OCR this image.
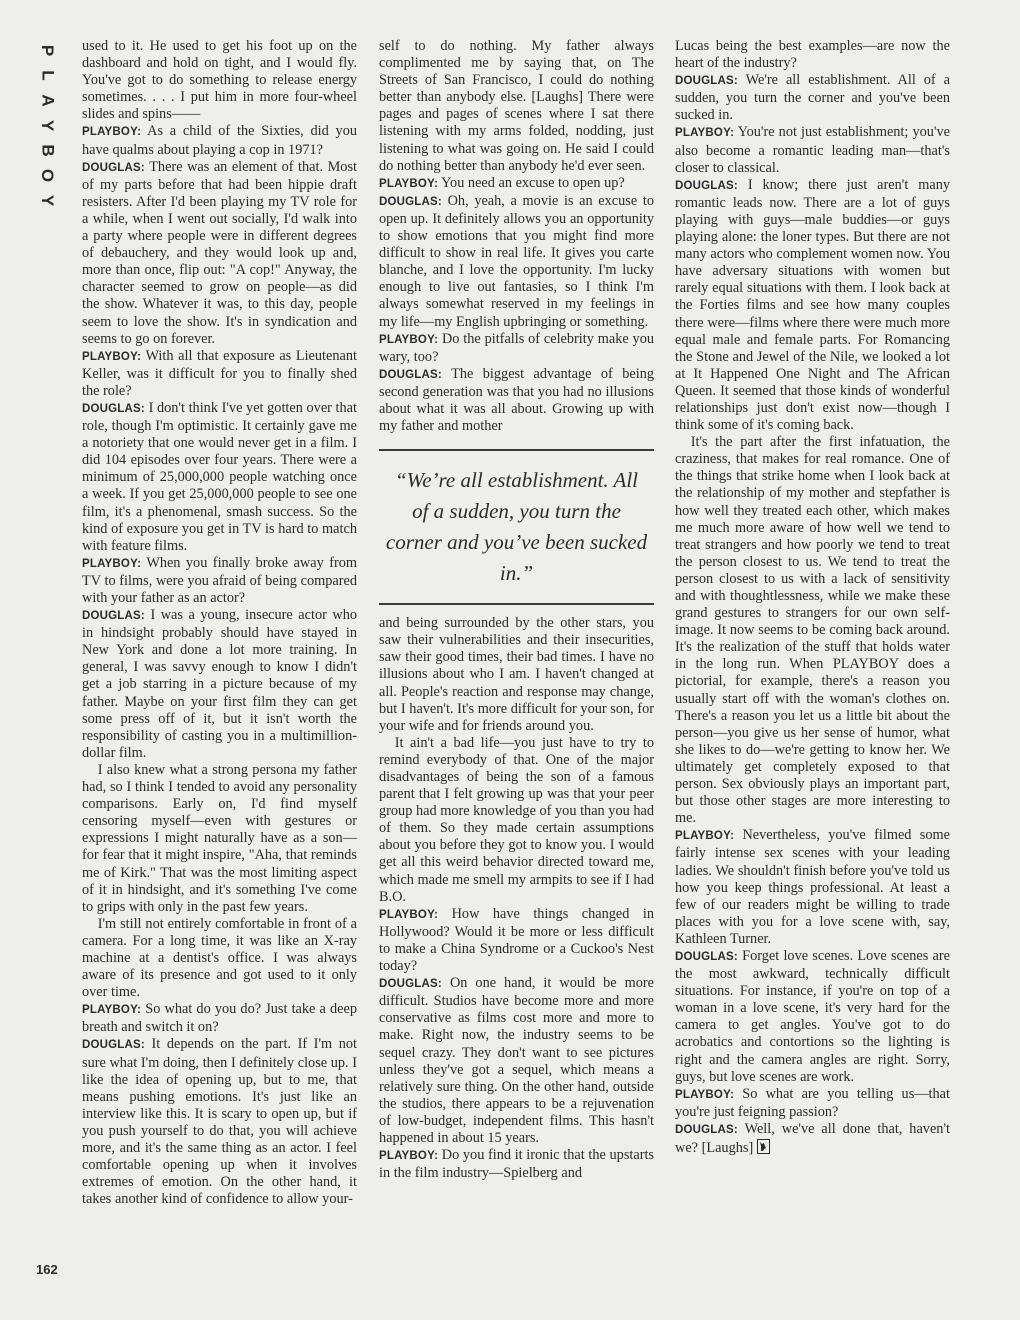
P
L
A
Y
B
O
Y

used to it. He used to get his foot up on the dashboard and hold on tight, and I would fly. You've got to do something to release energy sometimes. . . . I put him in more four-wheel slides and spins——

PLAYBOY: As a child of the Sixties, did you have qualms about playing a cop in 1971?

DOUGLAS: There was an element of that. Most of my parts before that had been hippie draft resisters. After I'd been playing my TV role for a while, when I went out socially, I'd walk into a party where people were in different degrees of debauchery, and they would look up and, more than once, flip out: "A cop!" Anyway, the character seemed to grow on people—as did the show. Whatever it was, to this day, people seem to love the show. It's in syndication and seems to go on forever.

PLAYBOY: With all that exposure as Lieutenant Keller, was it difficult for you to finally shed the role?

DOUGLAS: I don't think I've yet gotten over that role, though I'm optimistic. It certainly gave me a notoriety that one would never get in a film. I did 104 episodes over four years. There were a minimum of 25,000,000 people watching once a week. If you get 25,000,000 people to see one film, it's a phenomenal, smash success. So the kind of exposure you get in TV is hard to match with feature films.

PLAYBOY: When you finally broke away from TV to films, were you afraid of being compared with your father as an actor?

DOUGLAS: I was a young, insecure actor who in hindsight probably should have stayed in New York and done a lot more training. In general, I was savvy enough to know I didn't get a job starring in a picture because of my father. Maybe on your first film they can get some press off of it, but it isn't worth the responsibility of casting you in a multimillion-dollar film.

I also knew what a strong persona my father had, so I think I tended to avoid any personality comparisons. Early on, I'd find myself censoring myself—even with gestures or expressions I might naturally have as a son—for fear that it might inspire, "Aha, that reminds me of Kirk." That was the most limiting aspect of it in hindsight, and it's something I've come to grips with only in the past few years.

I'm still not entirely comfortable in front of a camera. For a long time, it was like an X-ray machine at a dentist's office. I was always aware of its presence and got used to it only over time.

PLAYBOY: So what do you do? Just take a deep breath and switch it on?

DOUGLAS: It depends on the part. If I'm not sure what I'm doing, then I definitely close up. I like the idea of opening up, but to me, that means pushing emotions. It's just like an interview like this. It is scary to open up, but if you push yourself to do that, you will achieve more, and it's the same thing as an actor. I feel comfortable opening up when it involves extremes of emotion. On the other hand, it takes another kind of confidence to allow your-

self to do nothing. My father always complimented me by saying that, on The Streets of San Francisco, I could do nothing better than anybody else. [Laughs] There were pages and pages of scenes where I sat there listening with my arms folded, nodding, just listening to what was going on. He said I could do nothing better than anybody he'd ever seen.

PLAYBOY: You need an excuse to open up?

DOUGLAS: Oh, yeah, a movie is an excuse to open up. It definitely allows you an opportunity to show emotions that you might find more difficult to show in real life. It gives you carte blanche, and I love the opportunity. I'm lucky enough to live out fantasies, so I think I'm always somewhat reserved in my feelings in my life—my English upbringing or something.

PLAYBOY: Do the pitfalls of celebrity make you wary, too?

DOUGLAS: The biggest advantage of being second generation was that you had no illusions about what it was all about. Growing up with my father and mother

“We’re all establishment. All of a sudden, you turn the corner and you’ve been sucked in.”

and being surrounded by the other stars, you saw their vulnerabilities and their insecurities, saw their good times, their bad times. I have no illusions about who I am. I haven't changed at all. People's reaction and response may change, but I haven't. It's more difficult for your son, for your wife and for friends around you.

It ain't a bad life—you just have to try to remind everybody of that. One of the major disadvantages of being the son of a famous parent that I felt growing up was that your peer group had more knowledge of you than you had of them. So they made certain assumptions about you before they got to know you. I would get all this weird behavior directed toward me, which made me smell my armpits to see if I had B.O.

PLAYBOY: How have things changed in Hollywood? Would it be more or less difficult to make a China Syndrome or a Cuckoo's Nest today?

DOUGLAS: On one hand, it would be more difficult. Studios have become more and more conservative as films cost more and more to make. Right now, the industry seems to be sequel crazy. They don't want to see pictures unless they've got a sequel, which means a relatively sure thing. On the other hand, outside the studios, there appears to be a rejuvenation of low-budget, independent films. This hasn't happened in about 15 years.

PLAYBOY: Do you find it ironic that the upstarts in the film industry—Spielberg and

Lucas being the best examples—are now the heart of the industry?

DOUGLAS: We're all establishment. All of a sudden, you turn the corner and you've been sucked in.

PLAYBOY: You're not just establishment; you've also become a romantic leading man—that's closer to classical.

DOUGLAS: I know; there just aren't many romantic leads now. There are a lot of guys playing with guys—male buddies—or guys playing alone: the loner types. But there are not many actors who complement women now. You have adversary situations with women but rarely equal situations with them. I look back at the Forties films and see how many couples there were—films where there were much more equal male and female parts. For Romancing the Stone and Jewel of the Nile, we looked a lot at It Happened One Night and The African Queen. It seemed that those kinds of wonderful relationships just don't exist now—though I think some of it's coming back.

It's the part after the first infatuation, the craziness, that makes for real romance. One of the things that strike home when I look back at the relationship of my mother and stepfather is how well they treated each other, which makes me much more aware of how well we tend to treat strangers and how poorly we tend to treat the person closest to us. We tend to treat the person closest to us with a lack of sensitivity and with thoughtlessness, while we make these grand gestures to strangers for our own self-image. It now seems to be coming back around. It's the realization of the stuff that holds water in the long run. When PLAYBOY does a pictorial, for example, there's a reason you usually start off with the woman's clothes on. There's a reason you let us a little bit about the person—you give us her sense of humor, what she likes to do—we're getting to know her. We ultimately get completely exposed to that person. Sex obviously plays an important part, but those other stages are more interesting to me.

PLAYBOY: Nevertheless, you've filmed some fairly intense sex scenes with your leading ladies. We shouldn't finish before you've told us how you keep things professional. At least a few of our readers might be willing to trade places with you for a love scene with, say, Kathleen Turner.

DOUGLAS: Forget love scenes. Love scenes are the most awkward, technically difficult situations. For instance, if you're on top of a woman in a love scene, it's very hard for the camera to get angles. You've got to do acrobatics and contortions so the lighting is right and the camera angles are right. Sorry, guys, but love scenes are work.

PLAYBOY: So what are you telling us—that you're just feigning passion?

DOUGLAS: Well, we've all done that, haven't we? [Laughs]

162
